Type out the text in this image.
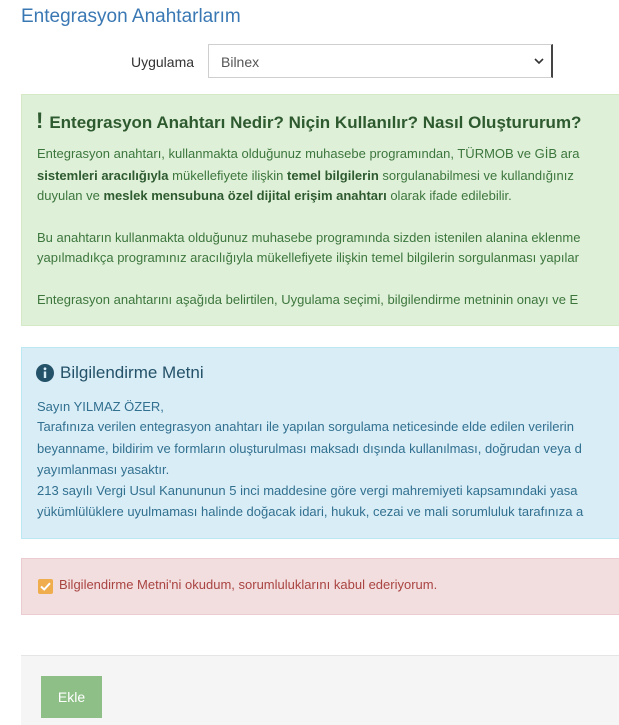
Entegrasyon Anahtarlarım
Uygulama Bilnex
! Entegrasyon Anahtarı Nedir? Niçin Kullanılır? Nasıl Oluştururum?
Entegrasyon anahtarı, kullanmakta olduğunuz muhasebe programından, TÜRMOB ve GİB ara
sistemleri aracılığıyla mükellefiyete ilişkin temel bilgilerin sorgulanabilmesi ve kullandığınız
duyulan ve meslek mensubuna özel dijital erişim anahtarı olarak ifade edilebilir.
Bu anahtarın kullanmakta olduğunuz muhasebe programında sizden istenilen alanina eklenme
yapılmadıkça programınız aracılığıyla mükellefiyete ilişkin temel bilgilerin sorgulanması yapılar
Entegrasyon anahtarını aşağıda belirtilen, Uygulama seçimi, bilgilendirme metninin onayı ve E
Bilgilendirme Metni
Sayın YILMAZ ÖZER,
Tarafınıza verilen entegrasyon anahtarı ile yapılan sorgulama neticesinde elde edilen verilerin
beyanname, bildirim ve formların oluşturulması maksadı dışında kullanılması, doğrudan veya d
yayımlanması yasaktır.
213 sayılı Vergi Usul Kanununun 5 inci maddesine göre vergi mahremiyeti kapsamındaki yasa
yükümlülüklere uyulmaması halinde doğacak idari, hukuk, cezai ve mali sorumluluk tarafınıza a
Bilgilendirme Metni'ni okudum, sorumluluklarını kabul ederiyorum.
Ekle
